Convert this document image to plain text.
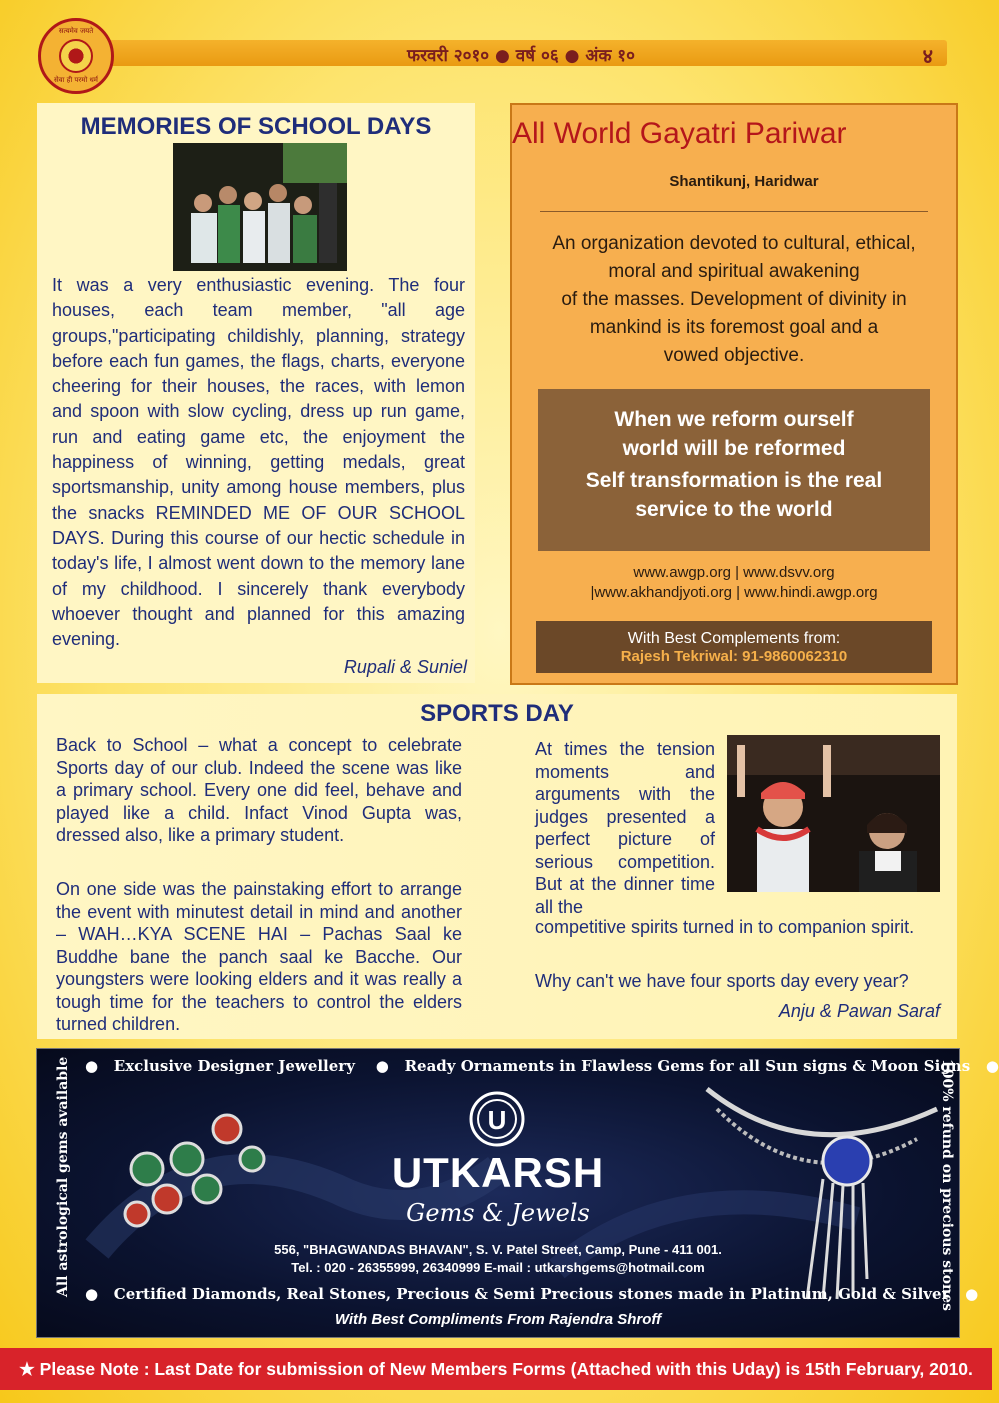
फरवरी २०१० ● वर्ष ०६ ● अंक १०	४
सत्यमेव जयते
सेवा ही परमो धर्म
MEMORIES OF SCHOOL DAYS

It was a very enthusiastic evening. The four houses, each team member, "all age groups,"participating childishly, planning, strategy before each fun games, the flags, charts, everyone cheering for their houses, the races, with lemon and spoon with slow cycling, dress up run game, run and eating game etc, the enjoyment the happiness of winning, getting medals, great sportsmanship, unity among house members, plus the snacks REMINDED ME OF OUR SCHOOL DAYS. During this course of our hectic schedule in today's life, I almost went down to the memory lane of my childhood. I sincerely thank everybody whoever thought and planned for this amazing evening.

Rupali & Suniel
All World Gayatri Pariwar
Shantikunj, Haridwar
An organization devoted to cultural, ethical,
moral and spiritual awakening
of the masses. Development of divinity in
mankind is its foremost goal and a
vowed objective.

When we reform ourself

world will be reformed

Self transformation is the real

service to the world

www.awgp.org | www.dsvv.org
|www.akhandjyoti.org | www.hindi.awgp.org
With Best Complements from:
Rajesh Tekriwal: 91-9860062310
SPORTS DAY

Back to School – what a concept to celebrate Sports day of our club. Indeed the scene was like a primary school. Every one did feel, behave and played like a child. Infact Vinod Gupta was, dressed also, like a primary student.

On one side was the painstaking effort to arrange the event with minutest detail in mind and another – WAH…KYA SCENE HAI – Pachas Saal ke Buddhe bane the panch saal ke Bacche. Our youngsters were looking elders and it was really a tough time for the teachers to control the elders turned children.

At times the tension moments and arguments with the judges presented a perfect picture of serious competition. But at the dinner time all the

competitive spirits turned in to companion spirit.

Why can't we have four sports day every year?

Anju & Pawan Saraf
U
●   Exclusive Designer Jewellery    ●   Ready Ornaments in Flawless Gems for all Sun signs & Moon Signs   ●
All astrological gems available	100% refund on precious stones
UTKARSH
Gems & Jewels
556, "BHAGWANDAS BHAVAN", S. V. Patel Street, Camp, Pune - 411 001.
Tel. : 020 - 26355999, 26340999 E-mail : utkarshgems@hotmail.com
●   Certified Diamonds, Real Stones, Precious & Semi Precious stones made in Platinum, Gold & Silver   ●
With Best Compliments From Rajendra Shroff
★ Please Note : Last Date for submission of New Members Forms (Attached with this Uday) is 15th February, 2010.
